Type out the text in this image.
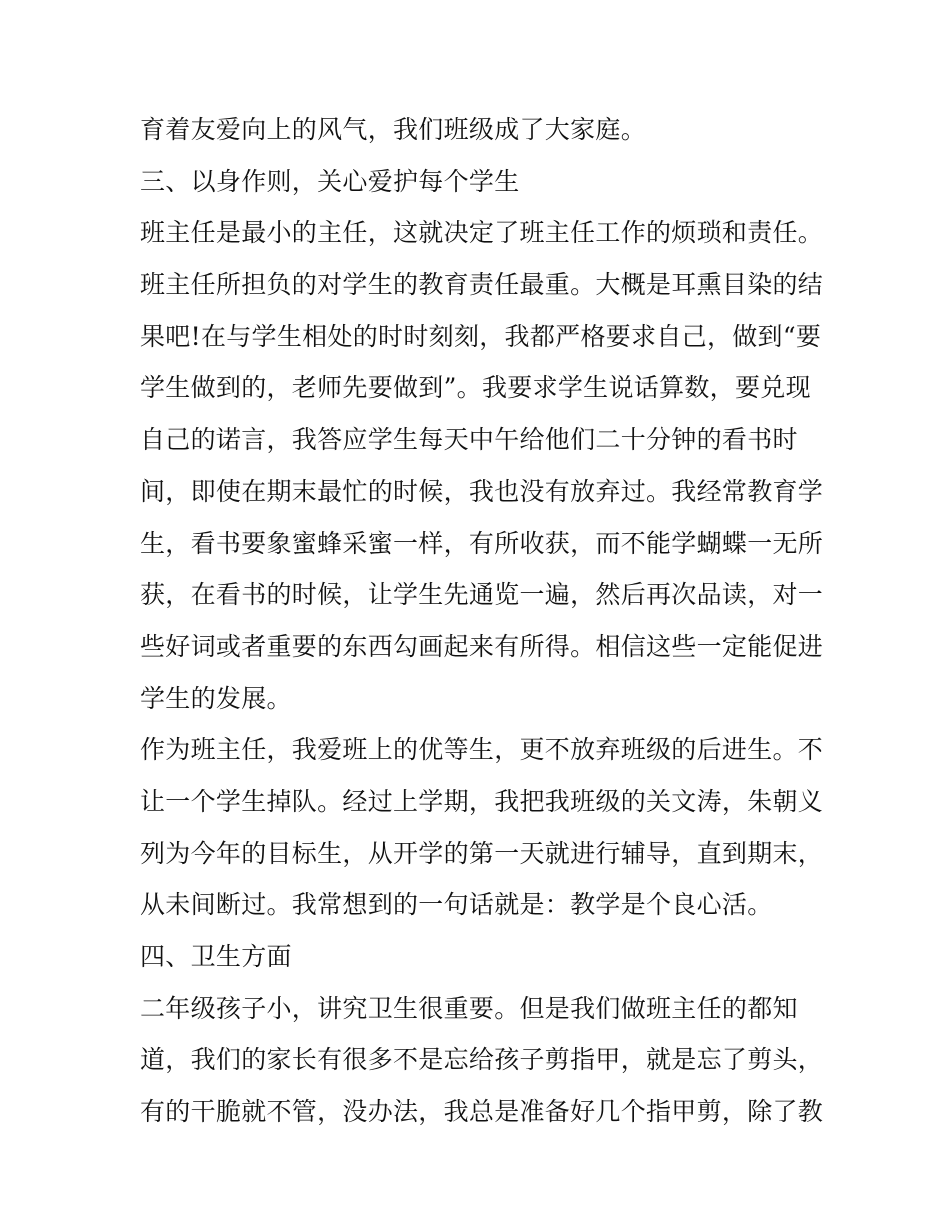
育着友爱向上的风气，我们班级成了大家庭。
三、以身作则，关心爱护每个学生
班主任是最小的主任，这就决定了班主任工作的烦琐和责任。
班主任所担负的对学生的教育责任最重。大概是耳熏目染的结
果吧!在与学生相处的时时刻刻，我都严格要求自己，做到“要
学生做到的，老师先要做到”。我要求学生说话算数，要兑现
自己的诺言，我答应学生每天中午给他们二十分钟的看书时
间，即使在期末最忙的时候，我也没有放弃过。我经常教育学
生，看书要象蜜蜂采蜜一样，有所收获，而不能学蝴蝶一无所
获，在看书的时候，让学生先通览一遍，然后再次品读，对一
些好词或者重要的东西勾画起来有所得。相信这些一定能促进
学生的发展。
作为班主任，我爱班上的优等生，更不放弃班级的后进生。不
让一个学生掉队。经过上学期，我把我班级的关文涛，朱朝义
列为今年的目标生，从开学的第一天就进行辅导，直到期末，
从未间断过。我常想到的一句话就是：教学是个良心活。
四、卫生方面
二年级孩子小，讲究卫生很重要。但是我们做班主任的都知
道，我们的家长有很多不是忘给孩子剪指甲，就是忘了剪头，
有的干脆就不管，没办法，我总是准备好几个指甲剪，除了教
